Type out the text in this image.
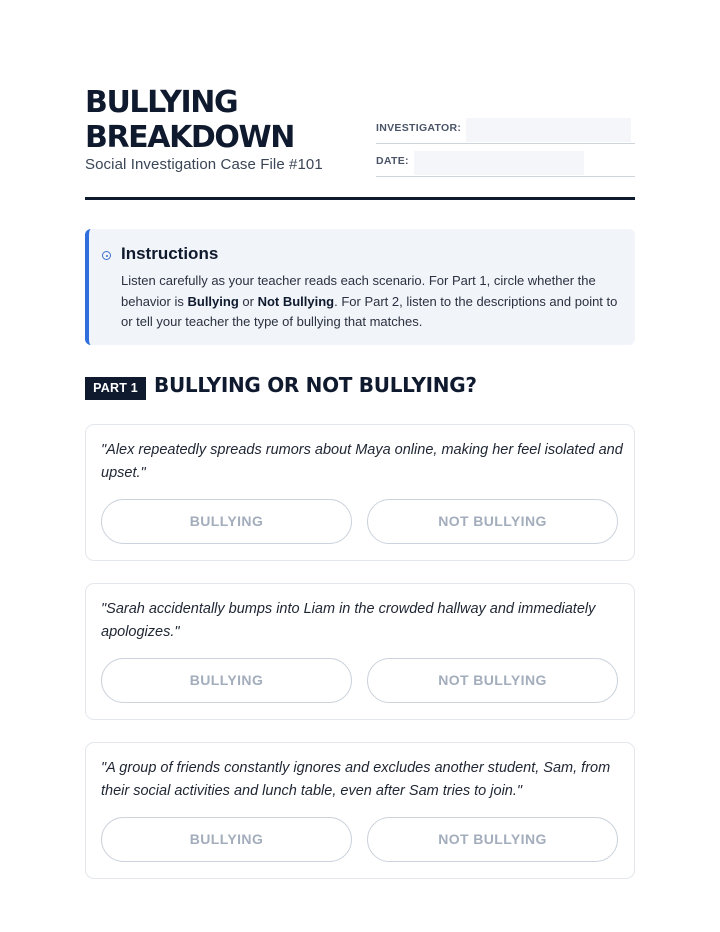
BULLYING
BREAKDOWN
Social Investigation Case File #101
INVESTIGATOR:
DATE:
Instructions
Listen carefully as your teacher reads each scenario. For Part 1, circle whether the behavior is Bullying or Not Bullying. For Part 2, listen to the descriptions and point to or tell your teacher the type of bullying that matches.
PART 1 BULLYING OR NOT BULLYING?
"Alex repeatedly spreads rumors about Maya online, making her feel isolated and upset."
BULLYING	NOT BULLYING
"Sarah accidentally bumps into Liam in the crowded hallway and immediately apologizes."
BULLYING	NOT BULLYING
"A group of friends constantly ignores and excludes another student, Sam, from their social activities and lunch table, even after Sam tries to join."
BULLYING	NOT BULLYING
